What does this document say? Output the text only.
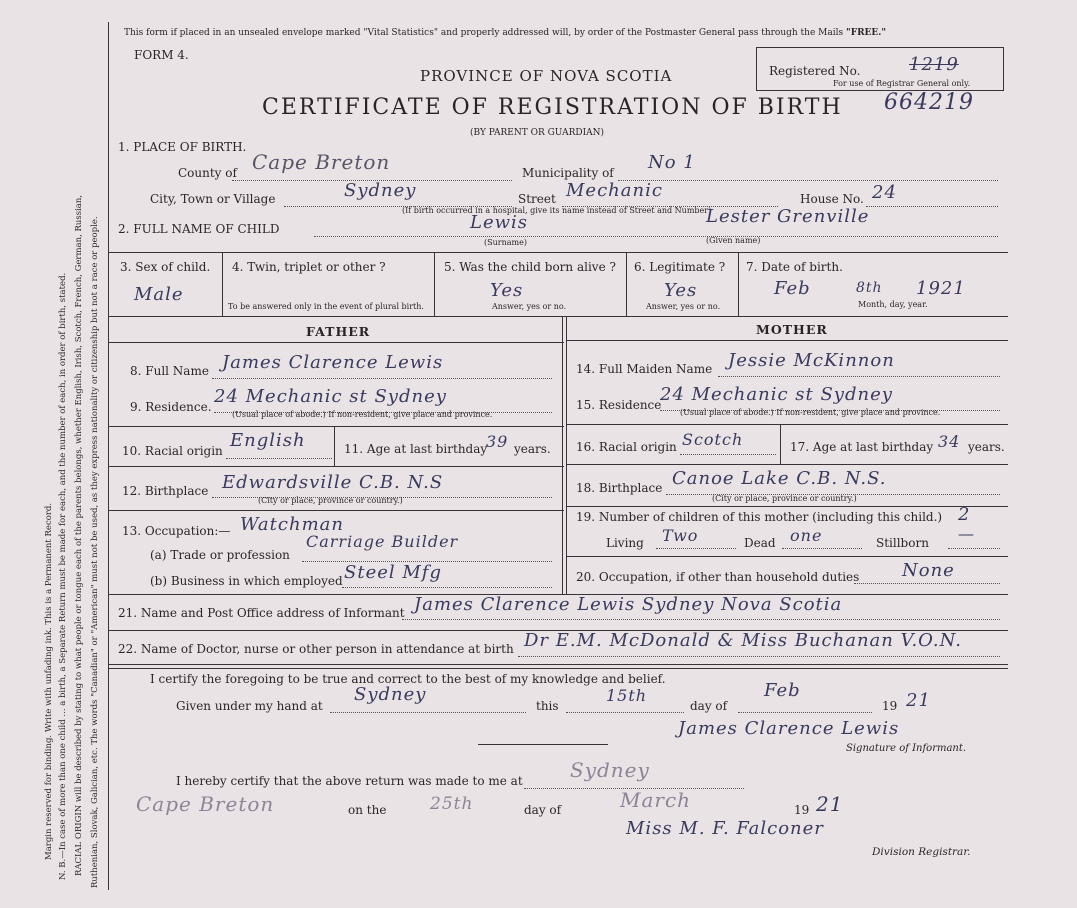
Margin reserved for binding. Write with unfading ink. This is a Permanent Record. N. B.—In case of more than one child ... a birth, a Separate Return must be made for each, and the number of each, in order of birth, stated. RACIAL ORIGIN will be described by stating to what people or tongue each of the parents belongs, whether English, Irish, Scotch, French, German, Russian, Ruthenian, Slovak, Galician, etc. The words "Canadian" or "American" must not be used, as they express nationality or citizenship but not a race or people.
This form if placed in an unsealed envelope marked "Vital Statistics" and properly addressed will, by order of the Postmaster General pass through the Mails "FREE."
FORM 4.
PROVINCE OF NOVA SCOTIA
CERTIFICATE OF REGISTRATION OF BIRTH
(BY PARENT OR GUARDIAN)
Registered No.	1219
For use of Registrar General only.
664219
1. PLACE OF BIRTH.
County of Cape Breton	Municipality of No 1
City, Town or Village	Sydney	Street Mechanic	House No. 24
(If birth occurred in a hospital, give its name instead of Street and Number)
2. FULL NAME OF CHILD	Lewis	Lester Grenville
(Surname)	(Given name)
3. Sex of child.
Male
4. Twin, triplet or other ?
To be answered only in the event of plural birth.
5. Was the child born alive ?
Yes
Answer, yes or no.
6. Legitimate ?
Yes
Answer, yes or no.
7. Date of birth.
Feb	8th 1921
Month, day, year.
FATHER	MOTHER
8. Full Name James Clarence Lewis
9. Residence. 24 Mechanic st Sydney
(Usual place of abode.) If non-resident, give place and province.
10. Racial origin English	11. Age at last birthday
39 years.
12. Birthplace Edwardsville C.B. N.S
(City or place, province or country.)
13. Occupation:— Watchman
(a) Trade or profession
Carriage Builder
(b) Business in which employed Steel Mfg
14. Full Maiden Name Jessie McKinnon
15. Residence
24 Mechanic st Sydney
(Usual place of abode.) If non-resident, give place and province.
16. Racial origin Scotch	17. Age at last birthday 34 years.
18. Birthplace Canoe Lake C.B. N.S.
(City or place, province or country.)
19. Number of children of this mother (including this child.) 2
Living Two	Dead one	Stillborn —
20. Occupation, if other than household duties None
21. Name and Post Office address of Informant James Clarence Lewis Sydney Nova Scotia
22. Name of Doctor, nurse or other person in attendance at birth Dr E.M. McDonald & Miss Buchanan V.O.N.
I certify the foregoing to be true and correct to the best of my knowledge and belief.
Given under my hand at
Sydney
this
15th
day of
Feb
19 21
James Clarence Lewis
Signature of Informant.
I hereby certify that the above return was made to me at Sydney
Cape Breton	on the	25th	day of	March	19 21
Miss M. F. Falconer
Division Registrar.
